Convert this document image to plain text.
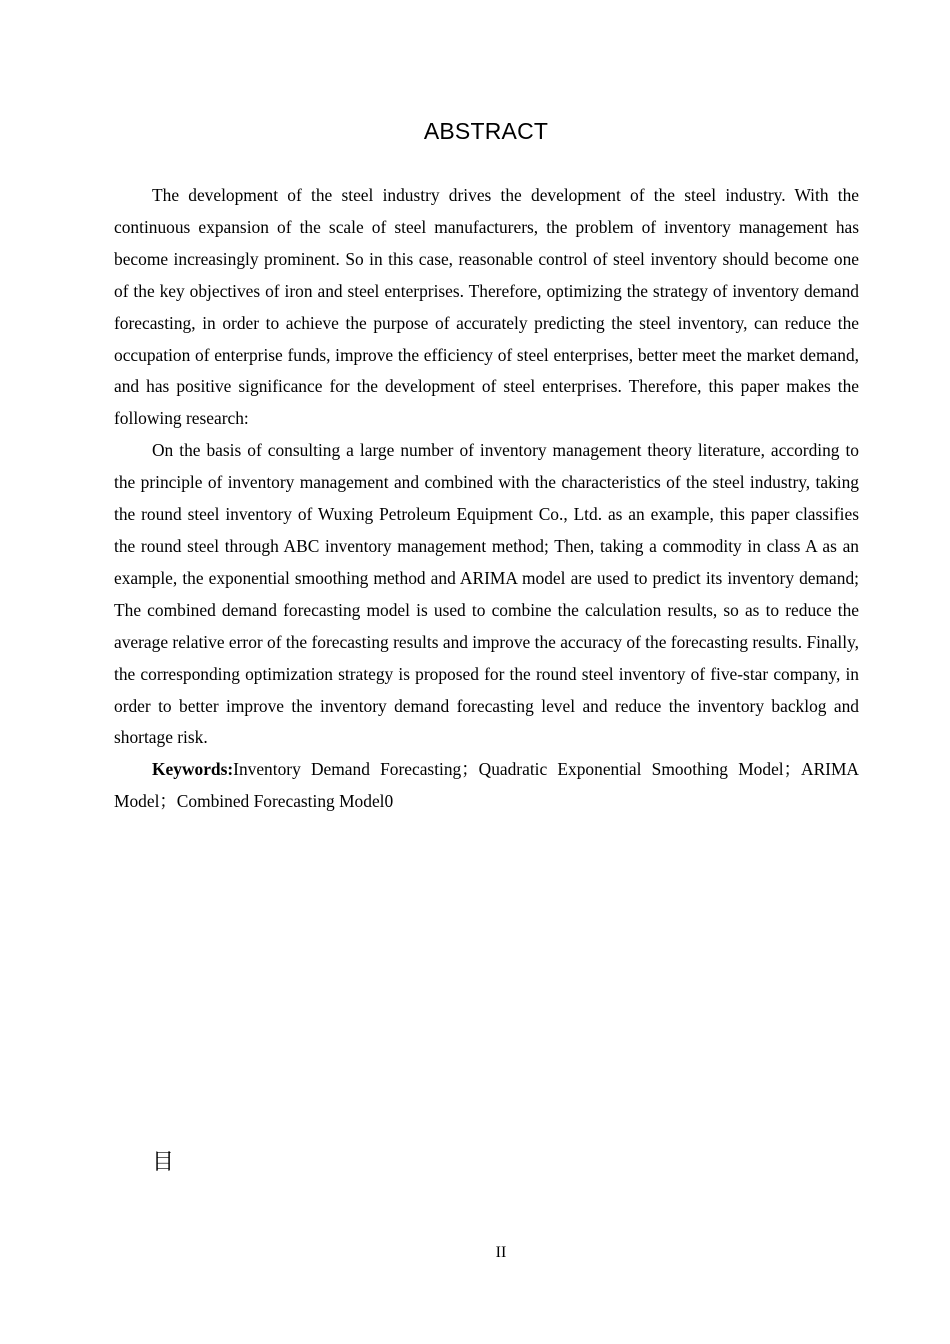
ABSTRACT

The development of the steel industry drives the development of the steel industry. With the continuous expansion of the scale of steel manufacturers, the problem of inventory management has become increasingly prominent. So in this case, reasonable control of steel inventory should become one of the key objectives of iron and steel enterprises. Therefore, optimizing the strategy of inventory demand forecasting, in order to achieve the purpose of accurately predicting the steel inventory, can reduce the occupation of enterprise funds, improve the efficiency of steel enterprises, better meet the market demand, and has positive significance for the development of steel enterprises. Therefore, this paper makes the following research:

On the basis of consulting a large number of inventory management theory literature, according to the principle of inventory management and combined with the characteristics of the steel industry, taking the round steel inventory of Wuxing Petroleum Equipment Co., Ltd. as an example, this paper classifies the round steel through ABC inventory management method; Then, taking a commodity in class A as an example, the exponential smoothing method and ARIMA model are used to predict its inventory demand; The combined demand forecasting model is used to combine the calculation results, so as to reduce the average relative error of the forecasting results and improve the accuracy of the forecasting results. Finally, the corresponding optimization strategy is proposed for the round steel inventory of five-star company, in order to better improve the inventory demand forecasting level and reduce the inventory backlog and shortage risk.

Keywords:Inventory Demand Forecasting；Quadratic Exponential Smoothing Model；ARIMA Model；Combined Forecasting Model0

目
II
